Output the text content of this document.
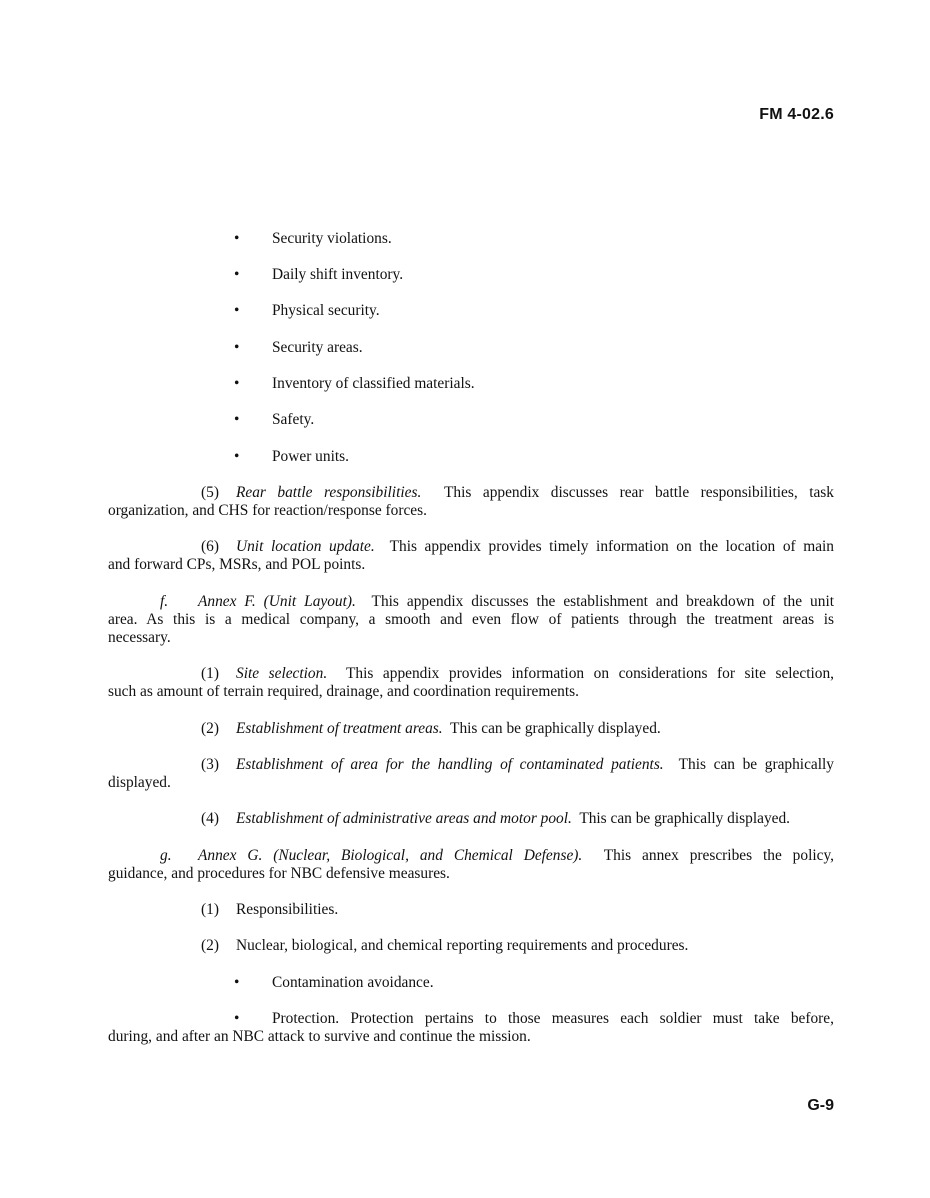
FM 4-02.6
• Security violations.
• Daily shift inventory.
• Physical security.
• Security areas.
• Inventory of classified materials.
• Safety.
• Power units.
(5) Rear battle responsibilities. This appendix discusses rear battle responsibilities, task
organization, and CHS for reaction/response forces.
(6) Unit location update. This appendix provides timely information on the location of main
and forward CPs, MSRs, and POL points.
f. Annex F. (Unit Layout). This appendix discusses the establishment and breakdown of the unit
area. As this is a medical company, a smooth and even flow of patients through the treatment areas is
necessary.
(1) Site selection. This appendix provides information on considerations for site selection,
such as amount of terrain required, drainage, and coordination requirements.
(2) Establishment of treatment areas. This can be graphically displayed.
(3) Establishment of area for the handling of contaminated patients. This can be graphically
displayed.
(4) Establishment of administrative areas and motor pool. This can be graphically displayed.
g. Annex G. (Nuclear, Biological, and Chemical Defense). This annex prescribes the policy,
guidance, and procedures for NBC defensive measures.
(1) Responsibilities.
(2) Nuclear, biological, and chemical reporting requirements and procedures.
• Contamination avoidance.
• Protection. Protection pertains to those measures each soldier must take before,
during, and after an NBC attack to survive and continue the mission.
G-9
